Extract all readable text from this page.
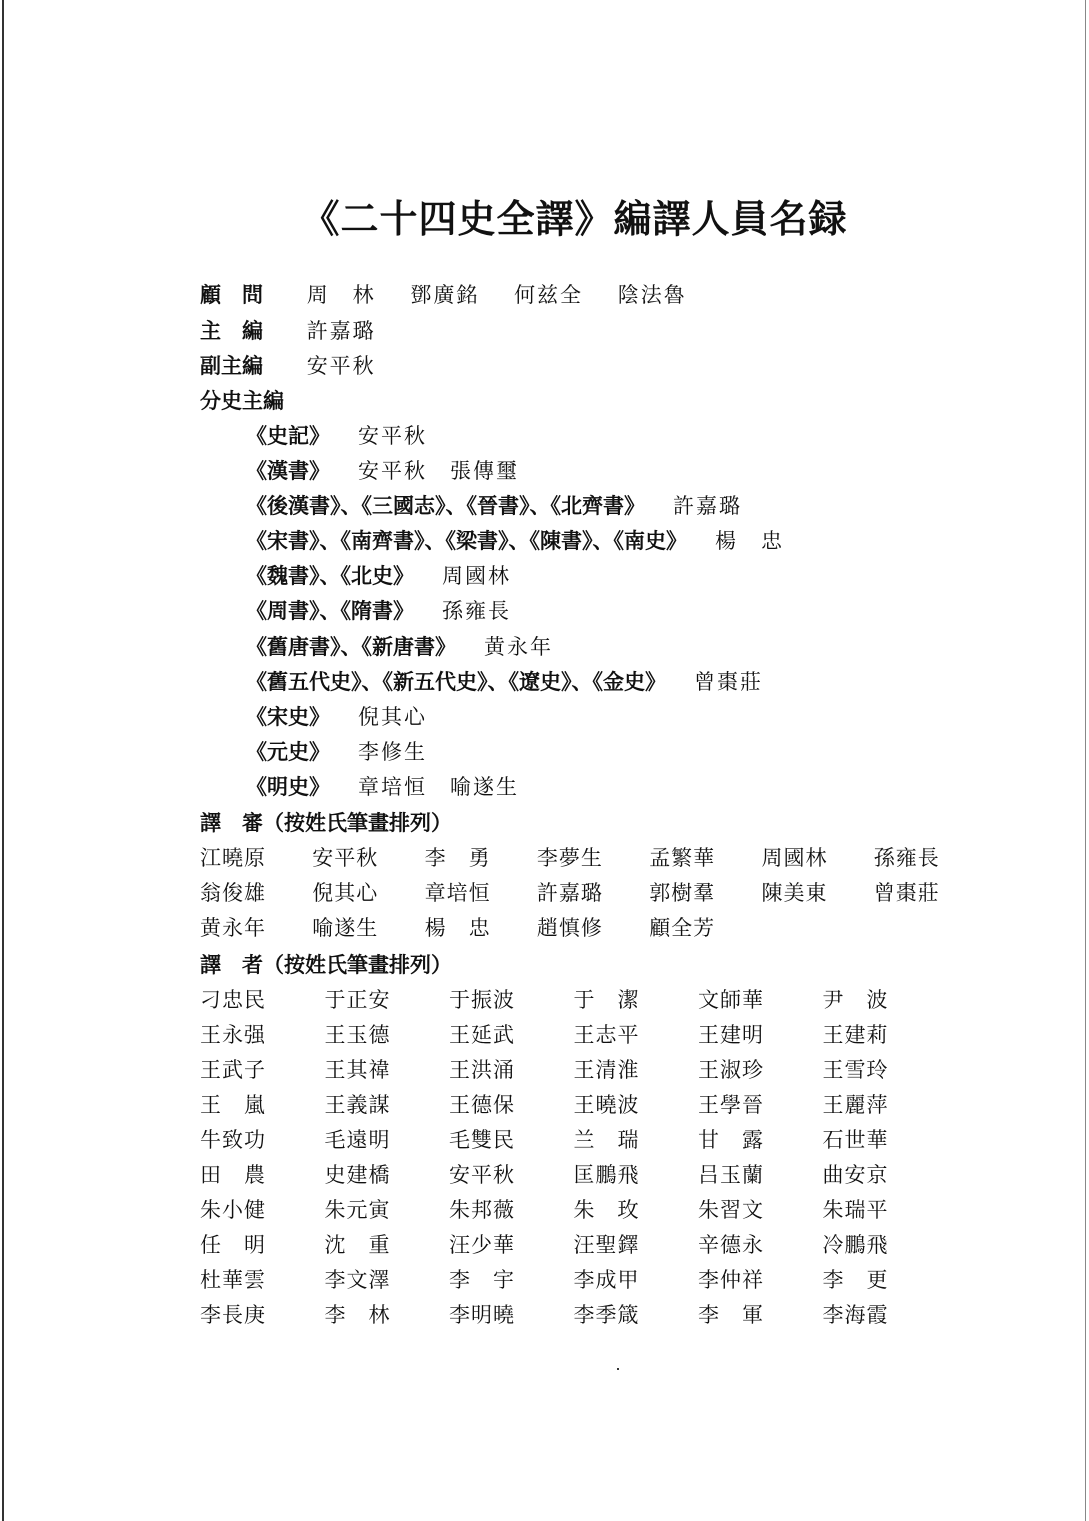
《二十四史全譯》編譯人員名録
顧　問 周　林 鄧廣銘 何兹全 陰法魯
主　編 許嘉璐
副主編 安平秋
分史主編
《史記》 安平秋
《漢書》 安平秋　張傳璽
《後漢書》、《三國志》、《晉書》、《北齊書》 許嘉璐
《宋書》、《南齊書》、《梁書》、《陳書》、《南史》 楊　忠
《魏書》、《北史》 周國林
《周書》、《隋書》 孫雍長
《舊唐書》、《新唐書》 黄永年
《舊五代史》、《新五代史》、《遼史》、《金史》 曾棗莊
《宋史》 倪其心
《元史》 李修生
《明史》 章培恒　喻遂生
譯　審（按姓氏筆畫排列）
江曉原 安平秋 李　勇 李夢生 孟繁華 周國林 孫雍長
翁俊雄 倪其心 章培恒 許嘉璐 郭樹羣 陳美東 曾棗莊
黄永年 喻遂生 楊　忠 趙慎修 顧全芳
譯　者（按姓氏筆畫排列）
刁忠民	于正安	于振波	于　潔	文師華	尹　波
王永强	王玉德	王延武	王志平	王建明	王建莉
王武子	王其禕	王洪涌	王清淮	王淑珍	王雪玲
王　嵐	王義謀	王德保	王曉波	王學晉	王麗萍
牛致功	毛遠明	毛雙民	兰　瑞	甘　露	石世華
田　農	史建橋	安平秋	匡鵬飛	吕玉蘭	曲安京
朱小健	朱元寅	朱邦薇	朱　玫	朱習文	朱瑞平
任　明	沈　重	汪少華	汪聖鐸	辛德永	冷鵬飛
杜華雲	李文澤	李　宇	李成甲	李仲祥	李　更
李長庚	李　林	李明曉	李季箴	李　軍	李海霞
